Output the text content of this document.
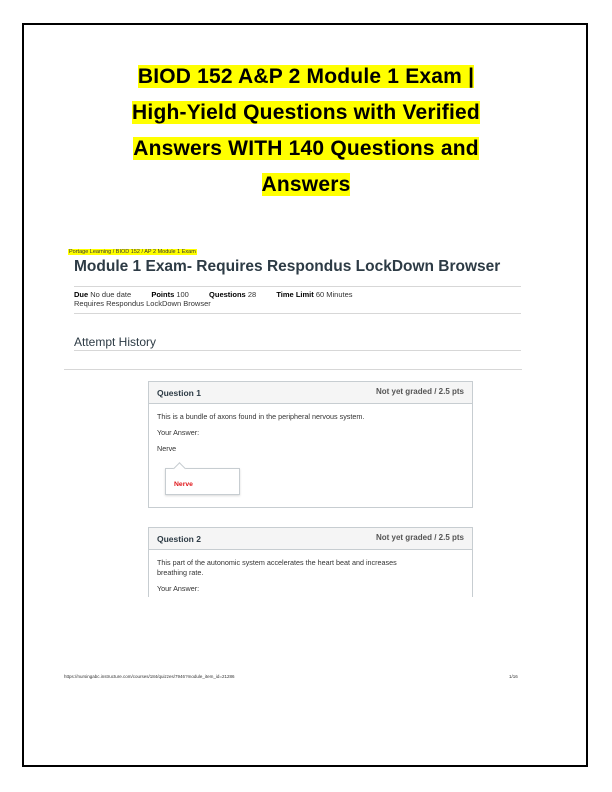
BIOD 152 A&P 2 Module 1 Exam |
High-Yield Questions with Verified
Answers WITH 140 Questions and
Answers
Portage Learning / BIOD 152 / AP 2 Module 1 Exam
Module 1 Exam- Requires Respondus LockDown Browser
Due No due date	Points 100	Questions 28	Time Limit 60 Minutes
Requires Respondus LockDown Browser
Attempt History
Question 1	Not yet graded / 2.5 pts

This is a bundle of axons found in the peripheral nervous system.

Your Answer:

Nerve

Nerve
Question 2	Not yet graded / 2.5 pts

This part of the autonomic system accelerates the heart beat and increases breathing rate.

Your Answer:

https://nursingabc.instructure.com/courses/184/quizzes/7946?module_item_id=21286	1/16
